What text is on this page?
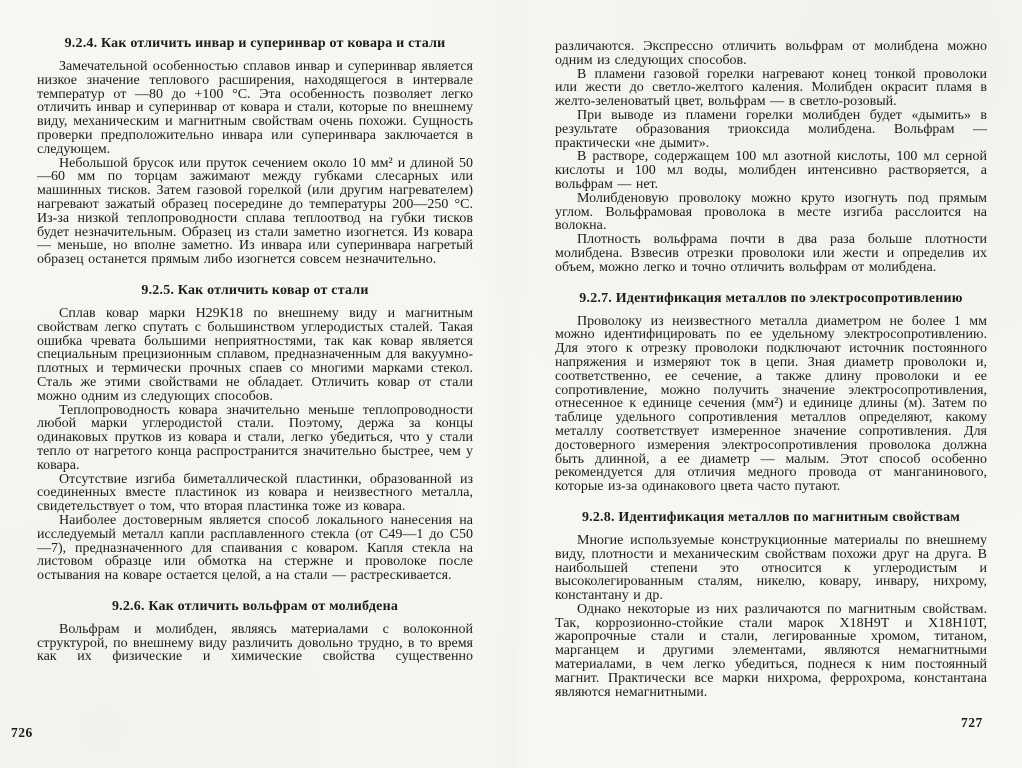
9.2.4. Как отличить инвар и суперинвар от ковара и стали

Замечательной особенностью сплавов инвар и суперинвар является низкое значение теплового расширения, находящегося в интервале температур от —80 до +100 °С. Эта особенность позволяет легко отличить инвар и суперинвар от ковара и стали, которые по внешнему виду, механическим и магнитным свойствам очень похожи. Сущность проверки предположительно инвара или суперинвара заключается в следующем.

Небольшой брусок или пруток сечением около 10 мм² и длиной 50—60 мм по торцам зажимают между губками слесарных или машинных тисков. Затем газовой горелкой (или другим нагревателем) нагревают зажатый образец посередине до температуры 200—250 °С. Из-за низкой теплопроводности сплава теплоотвод на губки тисков будет незначительным. Образец из стали заметно изогнется. Из ковара — меньше, но вполне заметно. Из инвара или суперинвара нагретый образец останется прямым либо изогнется совсем незначительно.

9.2.5. Как отличить ковар от стали

Сплав ковар марки Н29К18 по внешнему виду и магнитным свойствам легко спутать с большинством углеродистых сталей. Такая ошибка чревата большими неприятностями, так как ковар является специальным прецизионным сплавом, предназначенным для вакуумно-плотных и термически прочных спаев со многими марками стекол. Сталь же этими свойствами не обладает. Отличить ковар от стали можно одним из следующих способов.

Теплопроводность ковара значительно меньше теплопроводности любой марки углеродистой стали. Поэтому, держа за концы одинаковых прутков из ковара и стали, легко убедиться, что у стали тепло от нагретого конца распространится значительно быстрее, чем у ковара.

Отсутствие изгиба биметаллической пластинки, образованной из соединенных вместе пластинок из ковара и неизвестного металла, свидетельствует о том, что вторая пластинка тоже из ковара.

Наиболее достоверным является способ локального нанесения на исследуемый металл капли расплавленного стекла (от С49—1 до С50—7), предназначенного для спаивания с коваром. Капля стекла на листовом образце или обмотка на стержне и проволоке после остывания на коваре остается целой, а на стали — растрескивается.

9.2.6. Как отличить вольфрам от молибдена

Вольфрам и молибден, являясь материалами с волоконной структурой, по внешнему виду различить довольно трудно, в то время как их физические и химические свойства существенно

различаются. Экспрессно отличить вольфрам от молибдена можно одним из следующих способов.

В пламени газовой горелки нагревают конец тонкой проволоки или жести до светло-желтого каления. Молибден окрасит пламя в желто-зеленоватый цвет, вольфрам — в светло-розовый.

При выводе из пламени горелки молибден будет «дымить» в результате образования триоксида молибдена. Вольфрам — практически «не дымит».

В растворе, содержащем 100 мл азотной кислоты, 100 мл серной кислоты и 100 мл воды, молибден интенсивно растворяется, а вольфрам — нет.

Молибденовую проволоку можно круто изогнуть под прямым углом. Вольфрамовая проволока в месте изгиба расслоится на волокна.

Плотность вольфрама почти в два раза больше плотности молибдена. Взвесив отрезки проволоки или жести и определив их объем, можно легко и точно отличить вольфрам от молибдена.

9.2.7. Идентификация металлов по электросопротивлению

Проволоку из неизвестного металла диаметром не более 1 мм можно идентифицировать по ее удельному электросопротивлению. Для этого к отрезку проволоки подключают источник постоянного напряжения и измеряют ток в цепи. Зная диаметр проволоки и, соответственно, ее сечение, а также длину проволоки и ее сопротивление, можно получить значение электросопротивления, отнесенное к единице сечения (мм²) и единице длины (м). Затем по таблице удельного сопротивления металлов определяют, какому металлу соответствует измеренное значение сопротивления. Для достоверного измерения электросопротивления проволока должна быть длинной, а ее диаметр — малым. Этот способ особенно рекомендуется для отличия медного провода от манганинового, которые из-за одинакового цвета часто путают.

9.2.8. Идентификация металлов по магнитным свойствам

Многие используемые конструкционные материалы по внешнему виду, плотности и механическим свойствам похожи друг на друга. В наибольшей степени это относится к углеродистым и высоколегированным сталям, никелю, ковару, инвару, нихрому, константану и др.

Однако некоторые из них различаются по магнитным свойствам. Так, коррозионно-стойкие стали марок Х18Н9Т и Х18Н10Т, жаропрочные стали и стали, легированные хромом, титаном, марганцем и другими элементами, являются немагнитными материалами, в чем легко убедиться, поднеся к ним постоянный магнит. Практически все марки нихрома, феррохрома, константана являются немагнитными.

726
727
